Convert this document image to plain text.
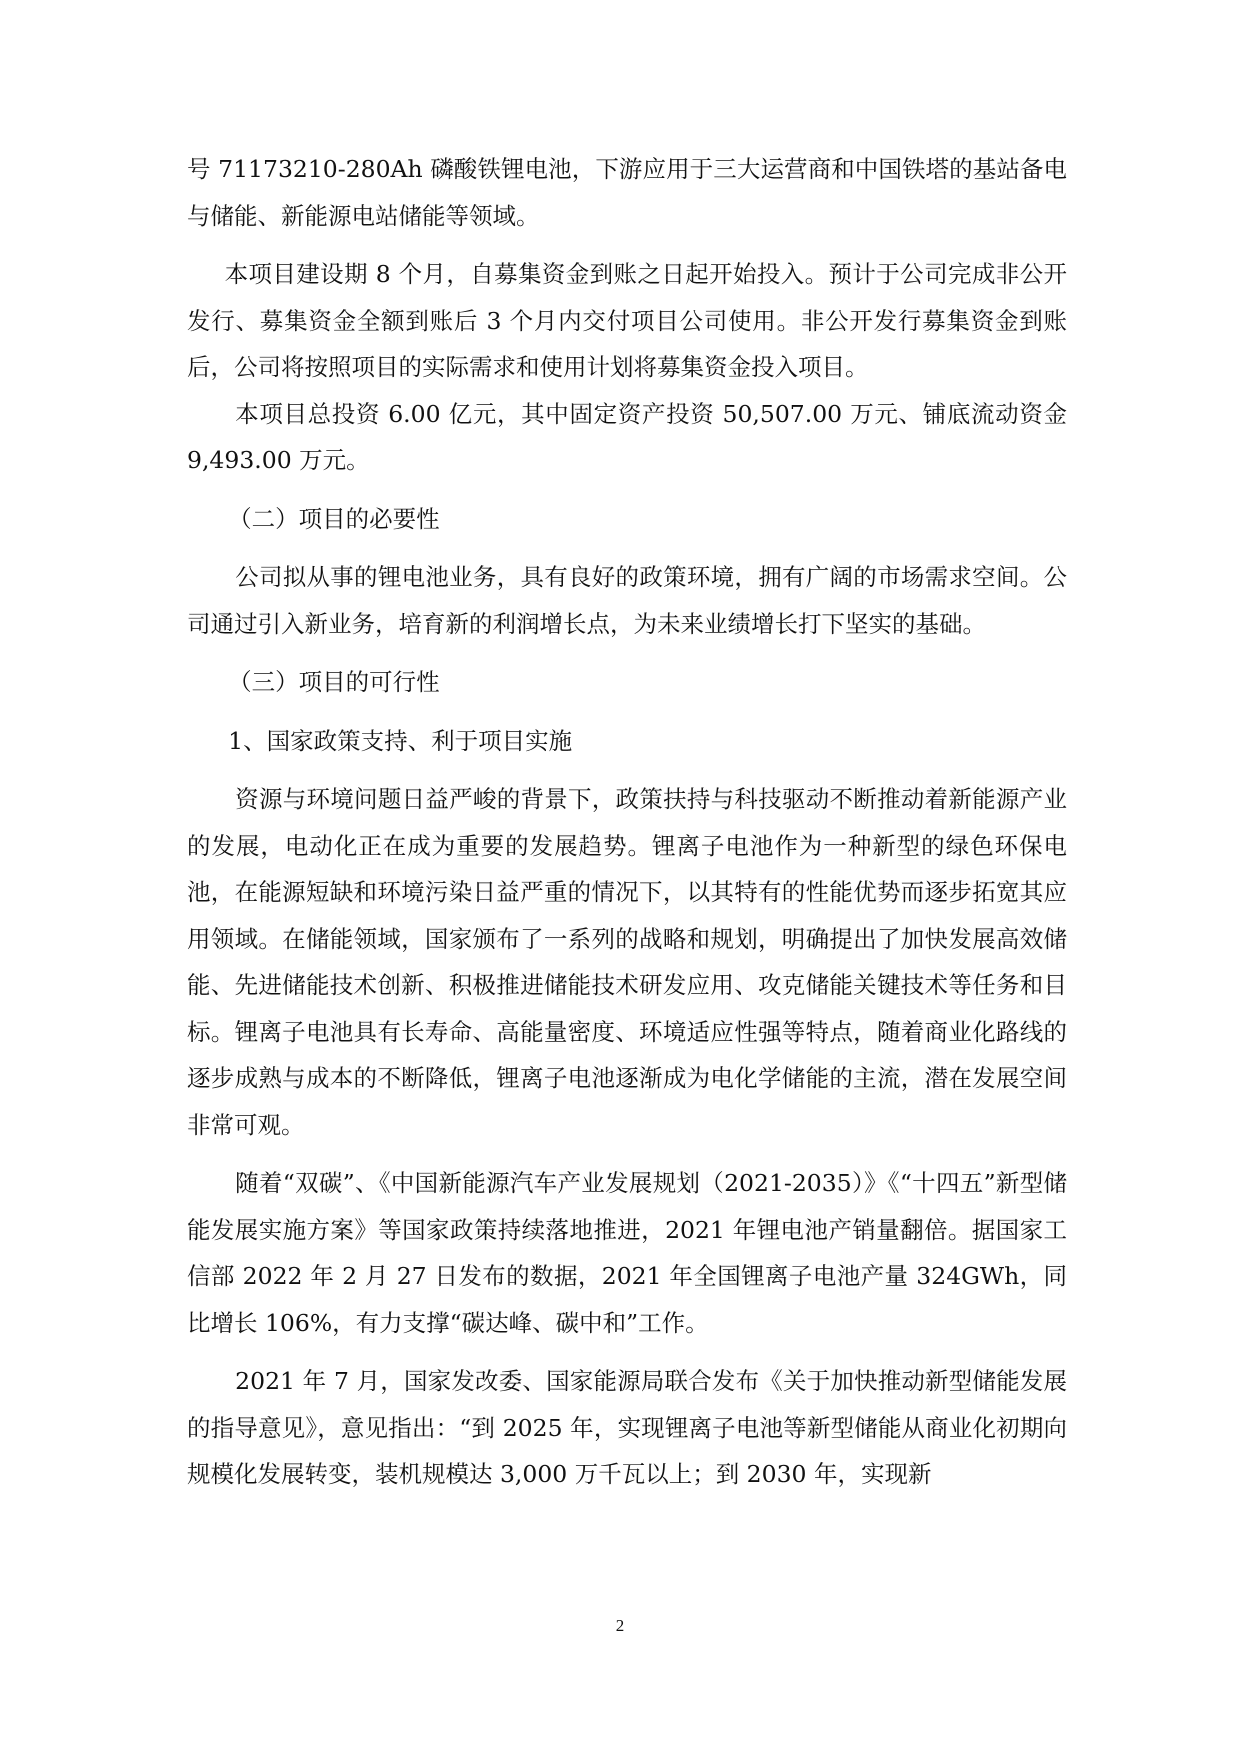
号 71173210-280Ah 磷酸铁锂电池，下游应用于三大运营商和中国铁塔的基站备电与储能、新能源电站储能等领域。

本项目建设期 8 个月，自募集资金到账之日起开始投入。预计于公司完成非公开发行、募集资金全额到账后 3 个月内交付项目公司使用。非公开发行募集资金到账后，公司将按照项目的实际需求和使用计划将募集资金投入项目。

本项目总投资 6.00 亿元，其中固定资产投资 50,507.00 万元、铺底流动资金 9,493.00 万元。

（二）项目的必要性

公司拟从事的锂电池业务，具有良好的政策环境，拥有广阔的市场需求空间。公司通过引入新业务，培育新的利润增长点，为未来业绩增长打下坚实的基础。

（三）项目的可行性

1、国家政策支持、利于项目实施

资源与环境问题日益严峻的背景下，政策扶持与科技驱动不断推动着新能源产业的发展，电动化正在成为重要的发展趋势。锂离子电池作为一种新型的绿色环保电池，在能源短缺和环境污染日益严重的情况下，以其特有的性能优势而逐步拓宽其应用领域。在储能领域，国家颁布了一系列的战略和规划，明确提出了加快发展高效储能、先进储能技术创新、积极推进储能技术研发应用、攻克储能关键技术等任务和目标。锂离子电池具有长寿命、高能量密度、环境适应性强等特点，随着商业化路线的逐步成熟与成本的不断降低，锂离子电池逐渐成为电化学储能的主流，潜在发展空间非常可观。

随着“双碳”、《中国新能源汽车产业发展规划（2021-2035）》《“十四五”新型储能发展实施方案》等国家政策持续落地推进，2021 年锂电池产销量翻倍。据国家工信部 2022 年 2 月 27 日发布的数据，2021 年全国锂离子电池产量 324GWh，同比增长 106%，有力支撑“碳达峰、碳中和”工作。

2021 年 7 月，国家发改委、国家能源局联合发布《关于加快推动新型储能发展的指导意见》，意见指出：“到 2025 年，实现锂离子电池等新型储能从商业化初期向规模化发展转变，装机规模达 3,000 万千瓦以上；到 2030 年，实现新

2
